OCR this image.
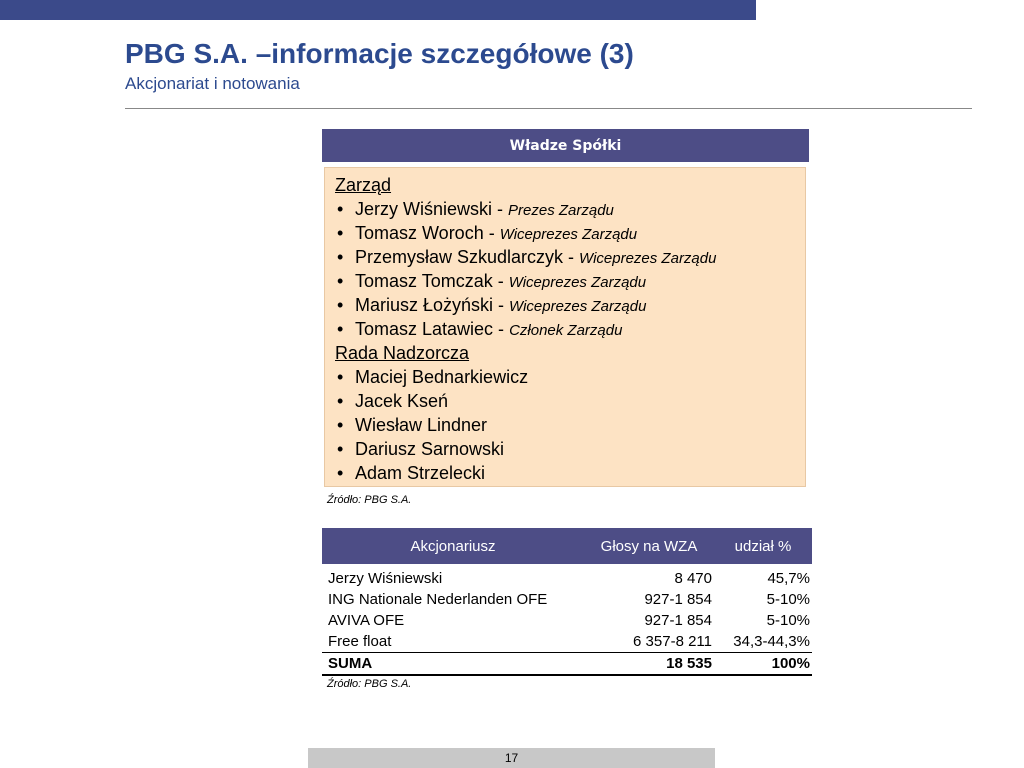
PBG S.A. –informacje szczegółowe (3)
Akcjonariat i notowania
Władze Spółki
Zarząd
• Jerzy Wiśniewski - Prezes Zarządu
• Tomasz Woroch - Wiceprezes Zarządu
• Przemysław Szkudlarczyk - Wiceprezes Zarządu
• Tomasz Tomczak - Wiceprezes Zarządu
• Mariusz Łożyński - Wiceprezes Zarządu
• Tomasz Latawiec - Członek Zarządu
Rada Nadzorcza
• Maciej Bednarkiewicz
• Jacek Kseń
• Wiesław Lindner
• Dariusz Sarnowski
• Adam Strzelecki
Źródło: PBG S.A.
Akcjonariusz	Głosy na WZA	udział %
Jerzy Wiśniewski	8 470	45,7%
ING Nationale Nederlanden OFE	927-1 854	5-10%
AVIVA OFE	927-1 854	5-10%
Free float	6 357-8 211	34,3-44,3%
SUMA	18 535	100%
Źródło: PBG S.A.
17
